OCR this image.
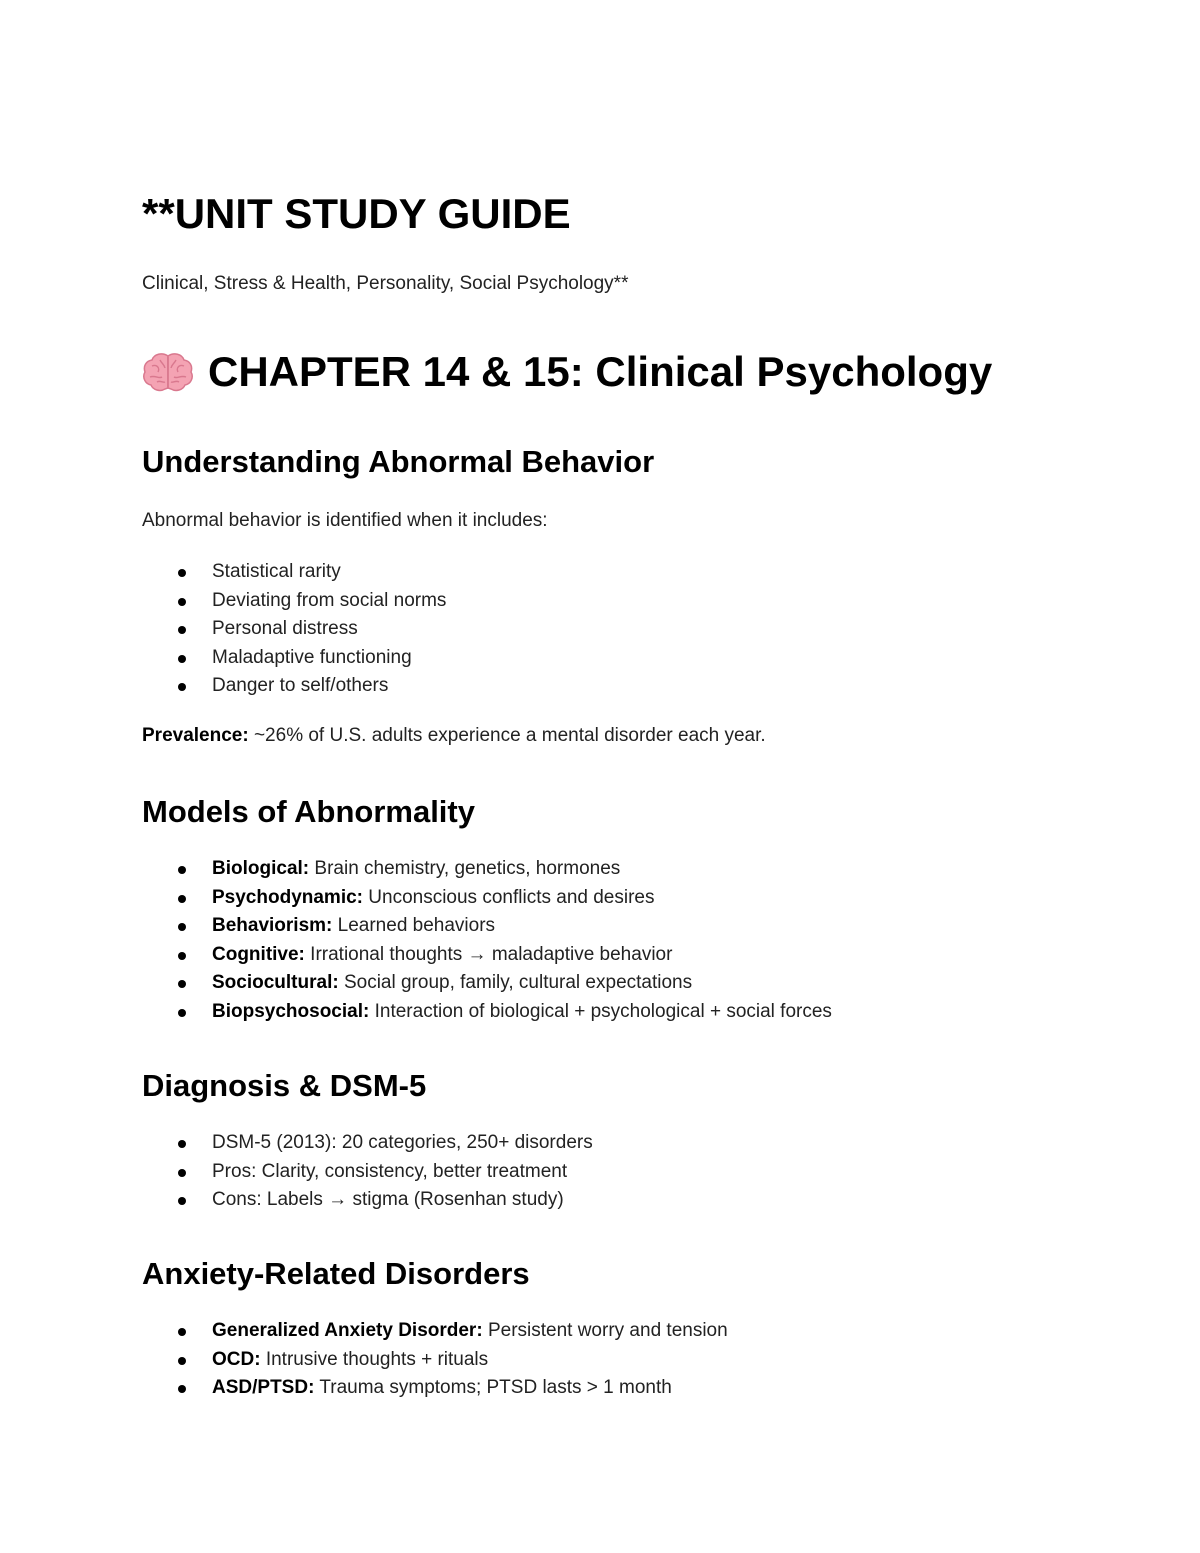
**UNIT STUDY GUIDE

Clinical, Stress & Health, Personality, Social Psychology**

CHAPTER 14 & 15: Clinical Psychology
Understanding Abnormal Behavior

Abnormal behavior is identified when it includes:

Statistical rarity
Deviating from social norms
Personal distress
Maladaptive functioning
Danger to self/others

Prevalence: ~26% of U.S. adults experience a mental disorder each year.

Models of Abnormality
Biological: Brain chemistry, genetics, hormones
Psychodynamic: Unconscious conflicts and desires
Behaviorism: Learned behaviors
Cognitive: Irrational thoughts → maladaptive behavior
Sociocultural: Social group, family, cultural expectations
Biopsychosocial: Interaction of biological + psychological + social forces
Diagnosis & DSM-5
DSM-5 (2013): 20 categories, 250+ disorders
Pros: Clarity, consistency, better treatment
Cons: Labels → stigma (Rosenhan study)
Anxiety-Related Disorders
Generalized Anxiety Disorder: Persistent worry and tension
OCD: Intrusive thoughts + rituals
ASD/PTSD: Trauma symptoms; PTSD lasts > 1 month
